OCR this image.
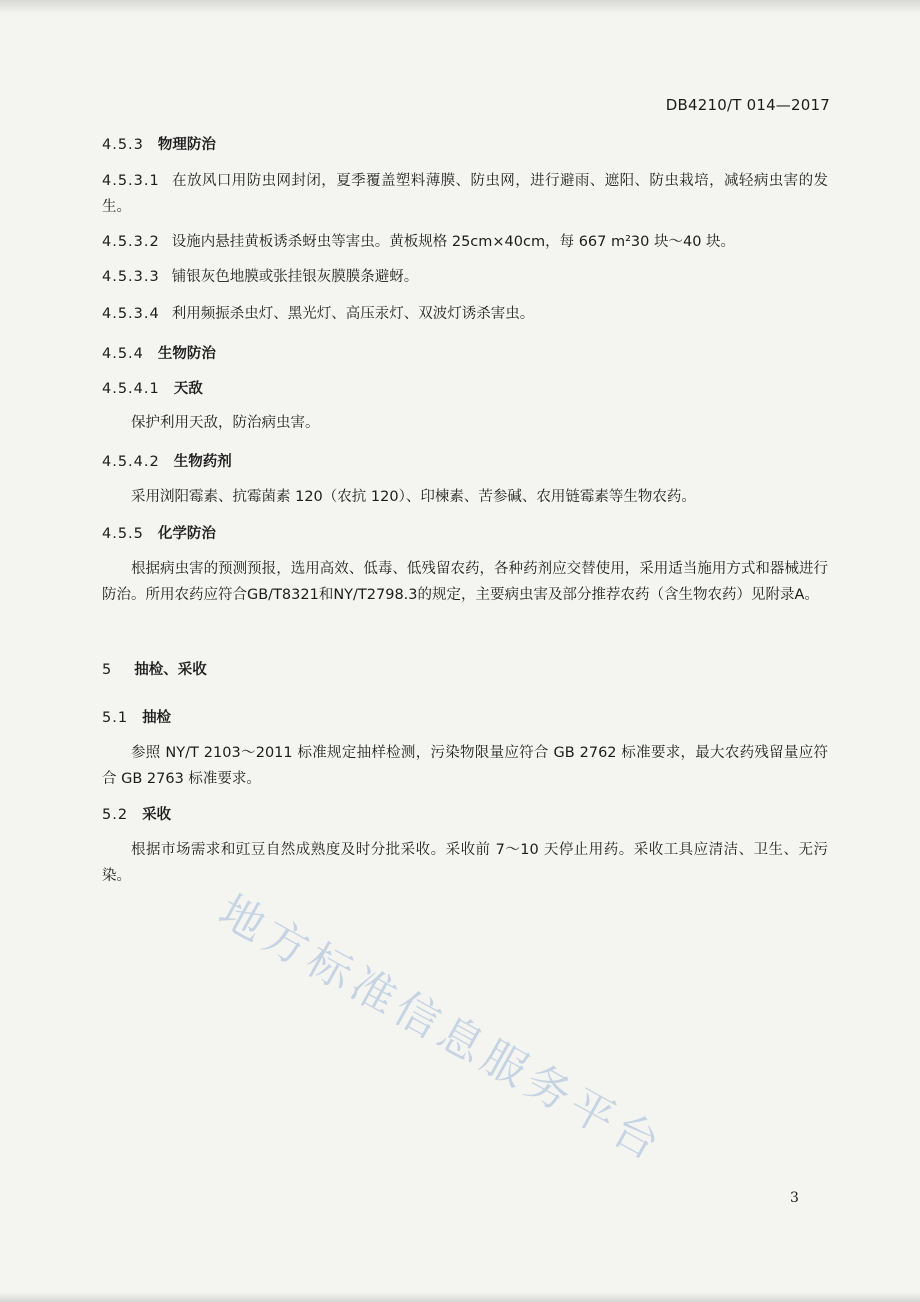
DB4210/T 014—2017
4.5.3 物理防治
4.5.3.1 在放风口用防虫网封闭，夏季覆盖塑料薄膜、防虫网，进行避雨、遮阳、防虫栽培，减轻病虫害的发生。
4.5.3.2 设施内悬挂黄板诱杀蚜虫等害虫。黄板规格 25cm×40cm，每 667 m²30 块～40 块。
4.5.3.3 铺银灰色地膜或张挂银灰膜膜条避蚜。
4.5.3.4 利用频振杀虫灯、黑光灯、高压汞灯、双波灯诱杀害虫。
4.5.4 生物防治
4.5.4.1 天敌
保护利用天敌，防治病虫害。
4.5.4.2 生物药剂
采用浏阳霉素、抗霉菌素 120（农抗 120）、印楝素、苦参碱、农用链霉素等生物农药。
4.5.5 化学防治
根据病虫害的预测预报，选用高效、低毒、低残留农药，各种药剂应交替使用，采用适当施用方式和器械进行防治。所用农药应符合GB/T8321和NY/T2798.3的规定，主要病虫害及部分推荐农药（含生物农药）见附录A。
5 抽检、采收
5.1 抽检
参照 NY/T 2103～2011 标准规定抽样检测，污染物限量应符合 GB 2762 标准要求，最大农药残留量应符合 GB 2763 标准要求。
5.2 采收
根据市场需求和豇豆自然成熟度及时分批采收。采收前 7～10 天停止用药。采收工具应清洁、卫生、无污染。
地方标准信息服务平台
3
